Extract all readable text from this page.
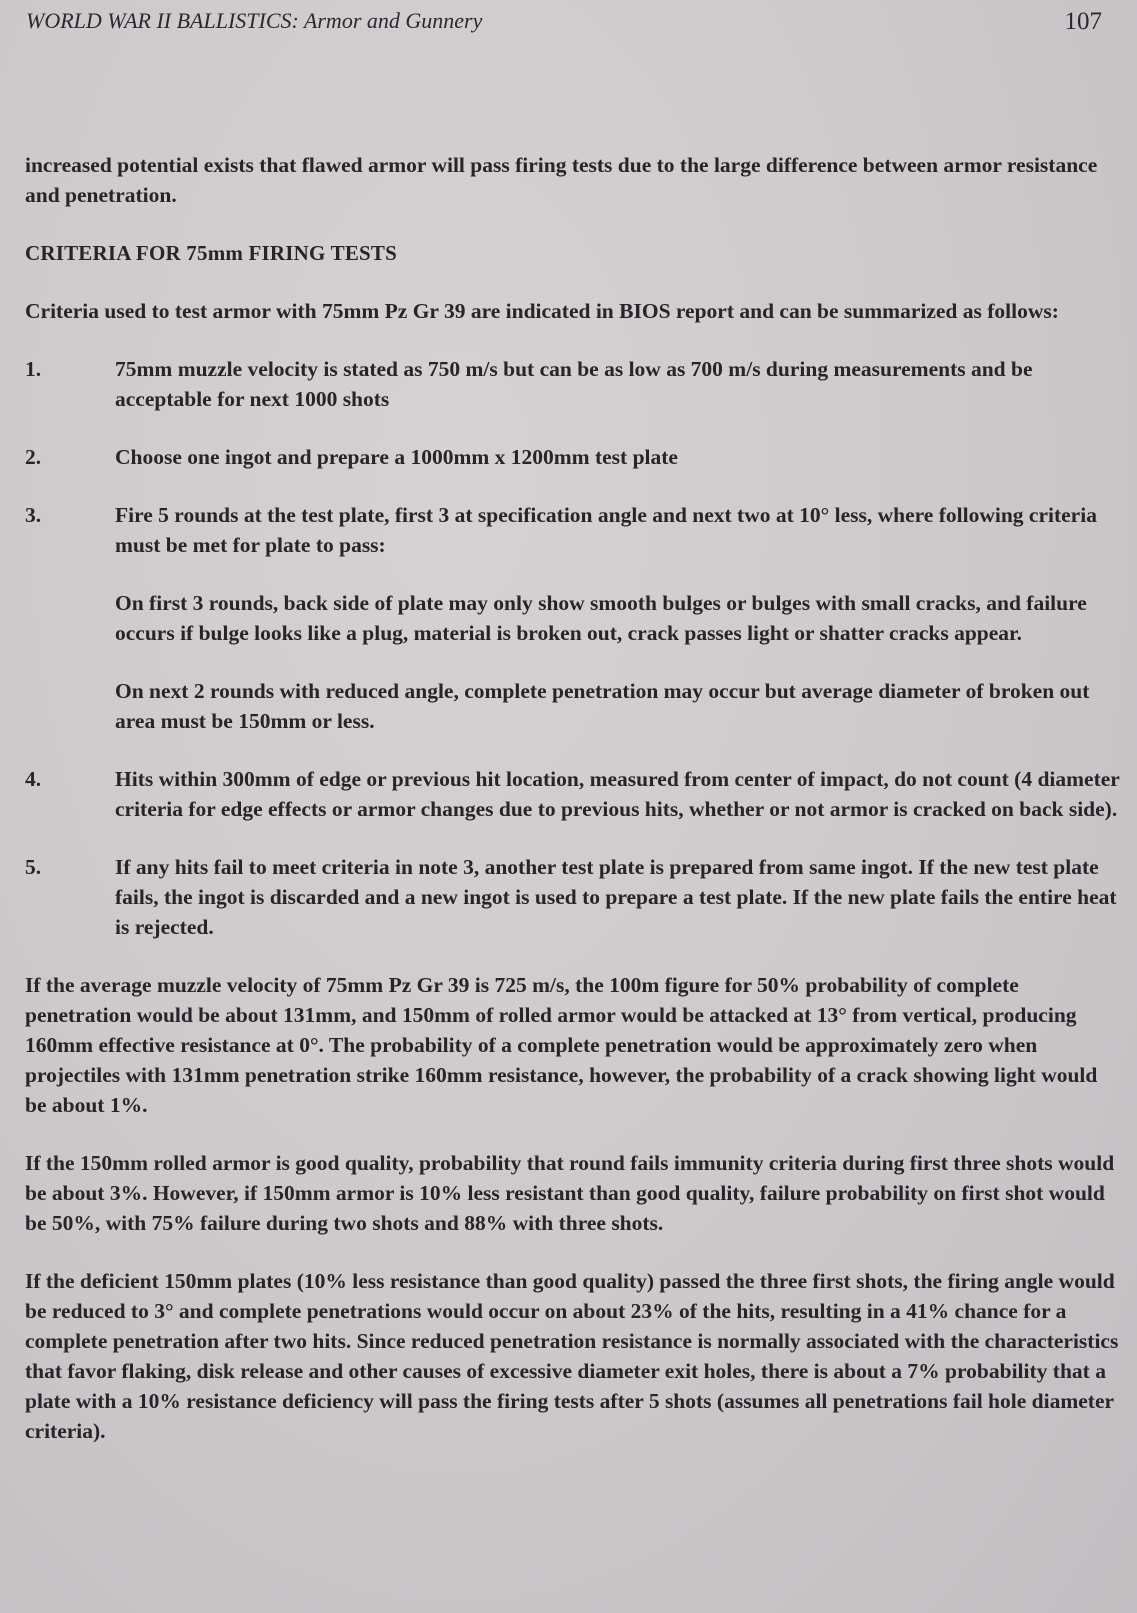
WORLD WAR II BALLISTICS: Armor and Gunnery	107

increased potential exists that flawed armor will pass firing tests due to the large difference between armor resistance and penetration.

CRITERIA FOR 75mm FIRING TESTS

Criteria used to test armor with 75mm Pz Gr 39 are indicated in BIOS report and can be summarized as follows:

1.	75mm muzzle velocity is stated as 750 m/s but can be as low as 700 m/s during measurements and be acceptable for next 1000 shots
2.	Choose one ingot and prepare a 1000mm x 1200mm test plate
3.	Fire 5 rounds at the test plate, first 3 at specification angle and next two at 10° less, where following criteria must be met for plate to pass:

On first 3 rounds, back side of plate may only show smooth bulges or bulges with small cracks, and failure occurs if bulge looks like a plug, material is broken out, crack passes light or shatter cracks appear.

On next 2 rounds with reduced angle, complete penetration may occur but average diameter of broken out area must be 150mm or less.

4.	Hits within 300mm of edge or previous hit location, measured from center of impact, do not count (4 diameter criteria for edge effects or armor changes due to previous hits, whether or not armor is cracked on back side).
5.	If any hits fail to meet criteria in note 3, another test plate is prepared from same ingot. If the new test plate fails, the ingot is discarded and a new ingot is used to prepare a test plate. If the new plate fails the entire heat is rejected.

If the average muzzle velocity of 75mm Pz Gr 39 is 725 m/s, the 100m figure for 50% probability of complete penetration would be about 131mm, and 150mm of rolled armor would be attacked at 13° from vertical, producing 160mm effective resistance at 0°. The probability of a complete penetration would be approximately zero when projectiles with 131mm penetration strike 160mm resistance, however, the probability of a crack showing light would be about 1%.

If the 150mm rolled armor is good quality, probability that round fails immunity criteria during first three shots would be about 3%. However, if 150mm armor is 10% less resistant than good quality, failure probability on first shot would be 50%, with 75% failure during two shots and 88% with three shots.

If the deficient 150mm plates (10% less resistance than good quality) passed the three first shots, the firing angle would be reduced to 3° and complete penetrations would occur on about 23% of the hits, resulting in a 41% chance for a complete penetration after two hits. Since reduced penetration resistance is normally associated with the characteristics that favor flaking, disk release and other causes of excessive diameter exit holes, there is about a 7% probability that a plate with a 10% resistance deficiency will pass the firing tests after 5 shots (assumes all penetrations fail hole diameter criteria).
